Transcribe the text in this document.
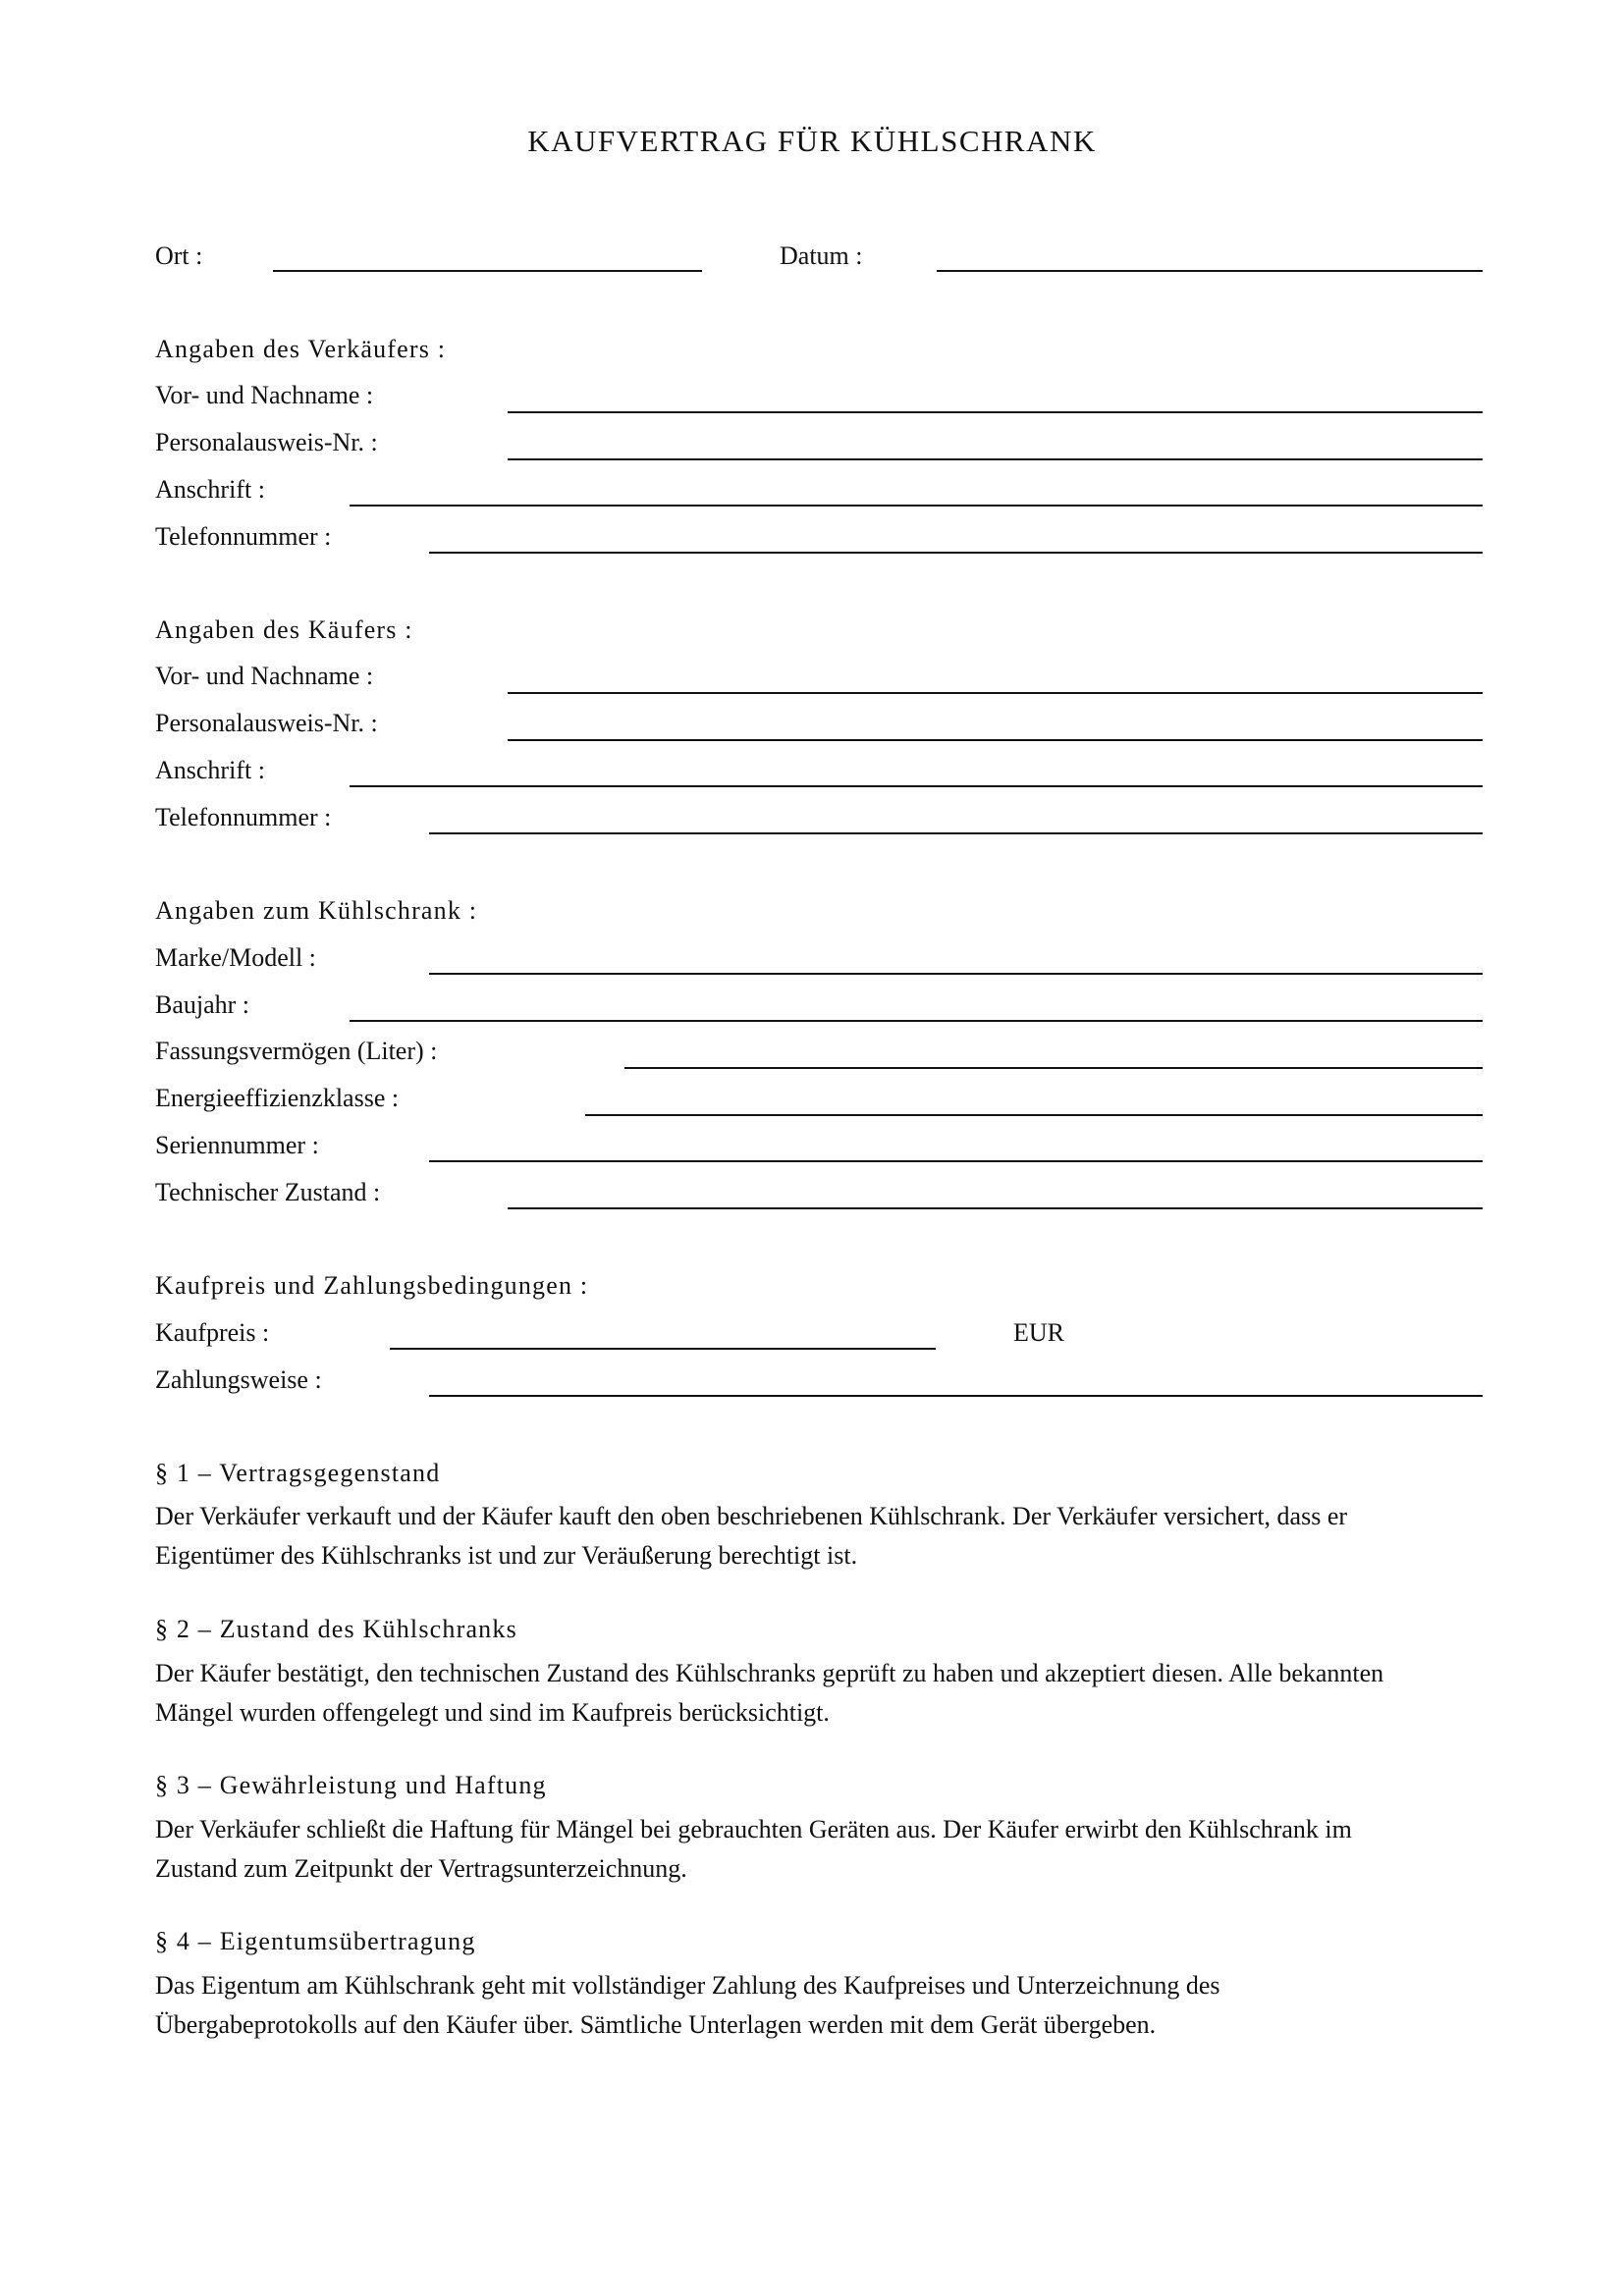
KAUFVERTRAG FÜR KÜHLSCHRANK
Ort :	Datum :
Angaben des Verkäufers :
Vor- und Nachname :
Personalausweis-Nr. :
Anschrift :
Telefonnummer :
Angaben des Käufers :
Vor- und Nachname :
Personalausweis-Nr. :
Anschrift :
Telefonnummer :
Angaben zum Kühlschrank :
Marke/Modell :
Baujahr :
Fassungsvermögen (Liter) :
Energieeffizienzklasse :
Seriennummer :
Technischer Zustand :
Kaufpreis und Zahlungsbedingungen :
Kaufpreis :	EUR
Zahlungsweise :
§ 1 – Vertragsgegenstand

Der Verkäufer verkauft und der Käufer kauft den oben beschriebenen Kühlschrank. Der Verkäufer versichert, dass er

Eigentümer des Kühlschranks ist und zur Veräußerung berechtigt ist.

§ 2 – Zustand des Kühlschranks

Der Käufer bestätigt, den technischen Zustand des Kühlschranks geprüft zu haben und akzeptiert diesen. Alle bekannten

Mängel wurden offengelegt und sind im Kaufpreis berücksichtigt.

§ 3 – Gewährleistung und Haftung

Der Verkäufer schließt die Haftung für Mängel bei gebrauchten Geräten aus. Der Käufer erwirbt den Kühlschrank im

Zustand zum Zeitpunkt der Vertragsunterzeichnung.

§ 4 – Eigentumsübertragung

Das Eigentum am Kühlschrank geht mit vollständiger Zahlung des Kaufpreises und Unterzeichnung des

Übergabeprotokolls auf den Käufer über. Sämtliche Unterlagen werden mit dem Gerät übergeben.
